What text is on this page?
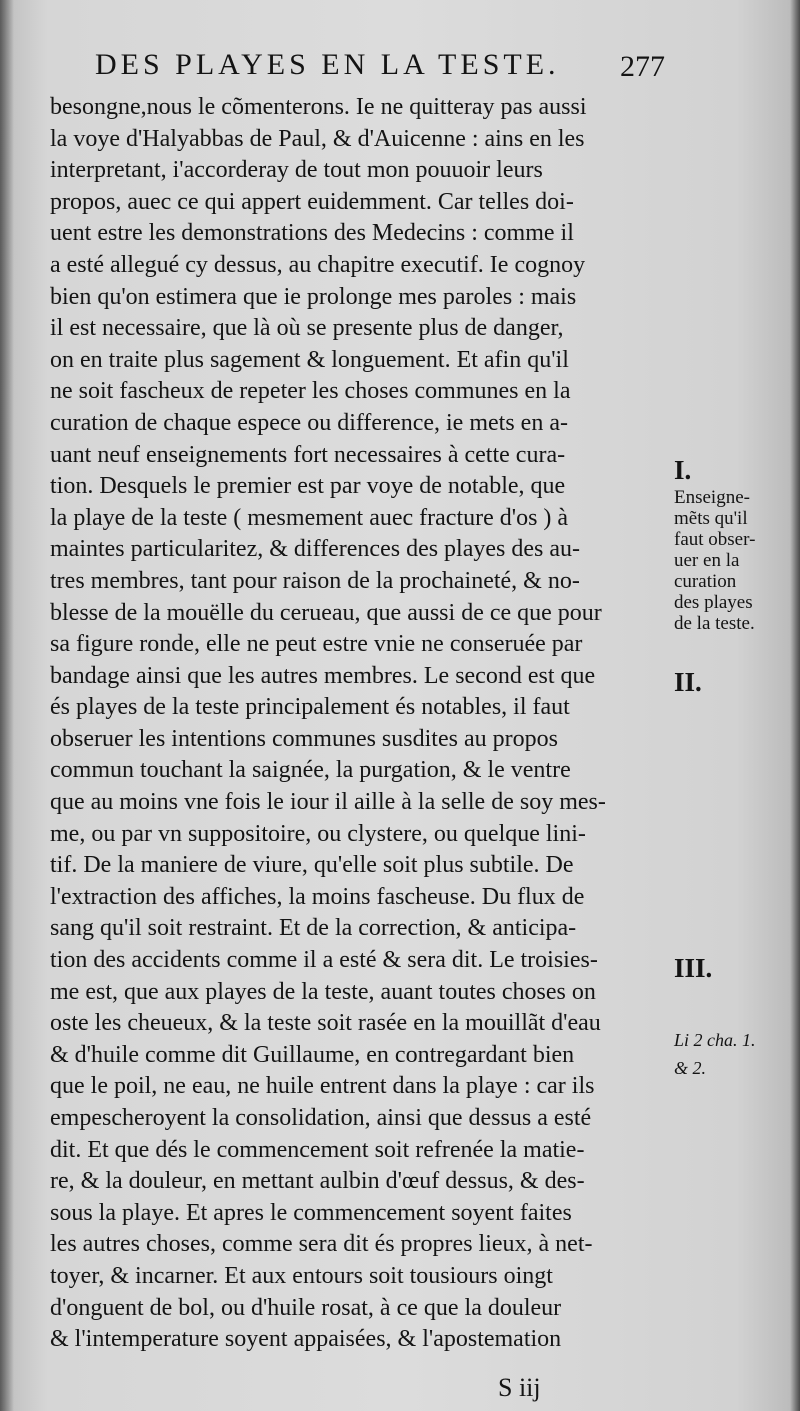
DES PLAYES EN LA TESTE. 277
besongne,nous le cõmenterons. Ie ne quitteray pas aussi
la voye d'Halyabbas de Paul, & d'Auicenne : ains en les
interpretant, i'accorderay de tout mon pouuoir leurs
propos, auec ce qui appert euidemment. Car telles doi-
uent estre les demonstrations des Medecins : comme il
a esté allegué cy dessus, au chapitre executif. Ie cognoy
bien qu'on estimera que ie prolonge mes paroles : mais
il est necessaire, que là où se presente plus de danger,
on en traite plus sagement & longuement. Et afin qu'il
ne soit fascheux de repeter les choses communes en la
curation de chaque espece ou difference, ie mets en a-
uant neuf enseignements fort necessaires à cette cura-
tion. Desquels le premier est par voye de notable, que
la playe de la teste ( mesmement auec fracture d'os ) à
maintes particularitez, & differences des playes des au-
tres membres, tant pour raison de la prochaineté, & no-
blesse de la mouëlle du cerueau, que aussi de ce que pour
sa figure ronde, elle ne peut estre vnie ne conseruée par
bandage ainsi que les autres membres. Le second est que
és playes de la teste principalement és notables, il faut
obseruer les intentions communes susdites au propos
commun touchant la saignée, la purgation, & le ventre
que au moins vne fois le iour il aille à la selle de soy mes-
me, ou par vn suppositoire, ou clystere, ou quelque lini-
tif. De la maniere de viure, qu'elle soit plus subtile. De
l'extraction des affiches, la moins fascheuse. Du flux de
sang qu'il soit restraint. Et de la correction, & anticipa-
tion des accidents comme il a esté & sera dit. Le troisies-
me est, que aux playes de la teste, auant toutes choses on
oste les cheueux, & la teste soit rasée en la mouillãt d'eau
& d'huile comme dit Guillaume, en contregardant bien
que le poil, ne eau, ne huile entrent dans la playe : car ils
empescheroyent la consolidation, ainsi que dessus a esté
dit. Et que dés le commencement soit refrenée la matie-
re, & la douleur, en mettant aulbin d'œuf dessus, & des-
sous la playe. Et apres le commencement soyent faites
les autres choses, comme sera dit és propres lieux, à net-
toyer, & incarner. Et aux entours soit tousiours oingt
d'onguent de bol, ou d'huile rosat, à ce que la douleur
& l'intemperature soyent appaisées, & l'apostemation
I.
Enseigne-
mẽts qu'il
faut obser-
uer en la
curation
des playes
de la teste.
II.
III.
Li 2 cha. 1.
& 2.
S iij
